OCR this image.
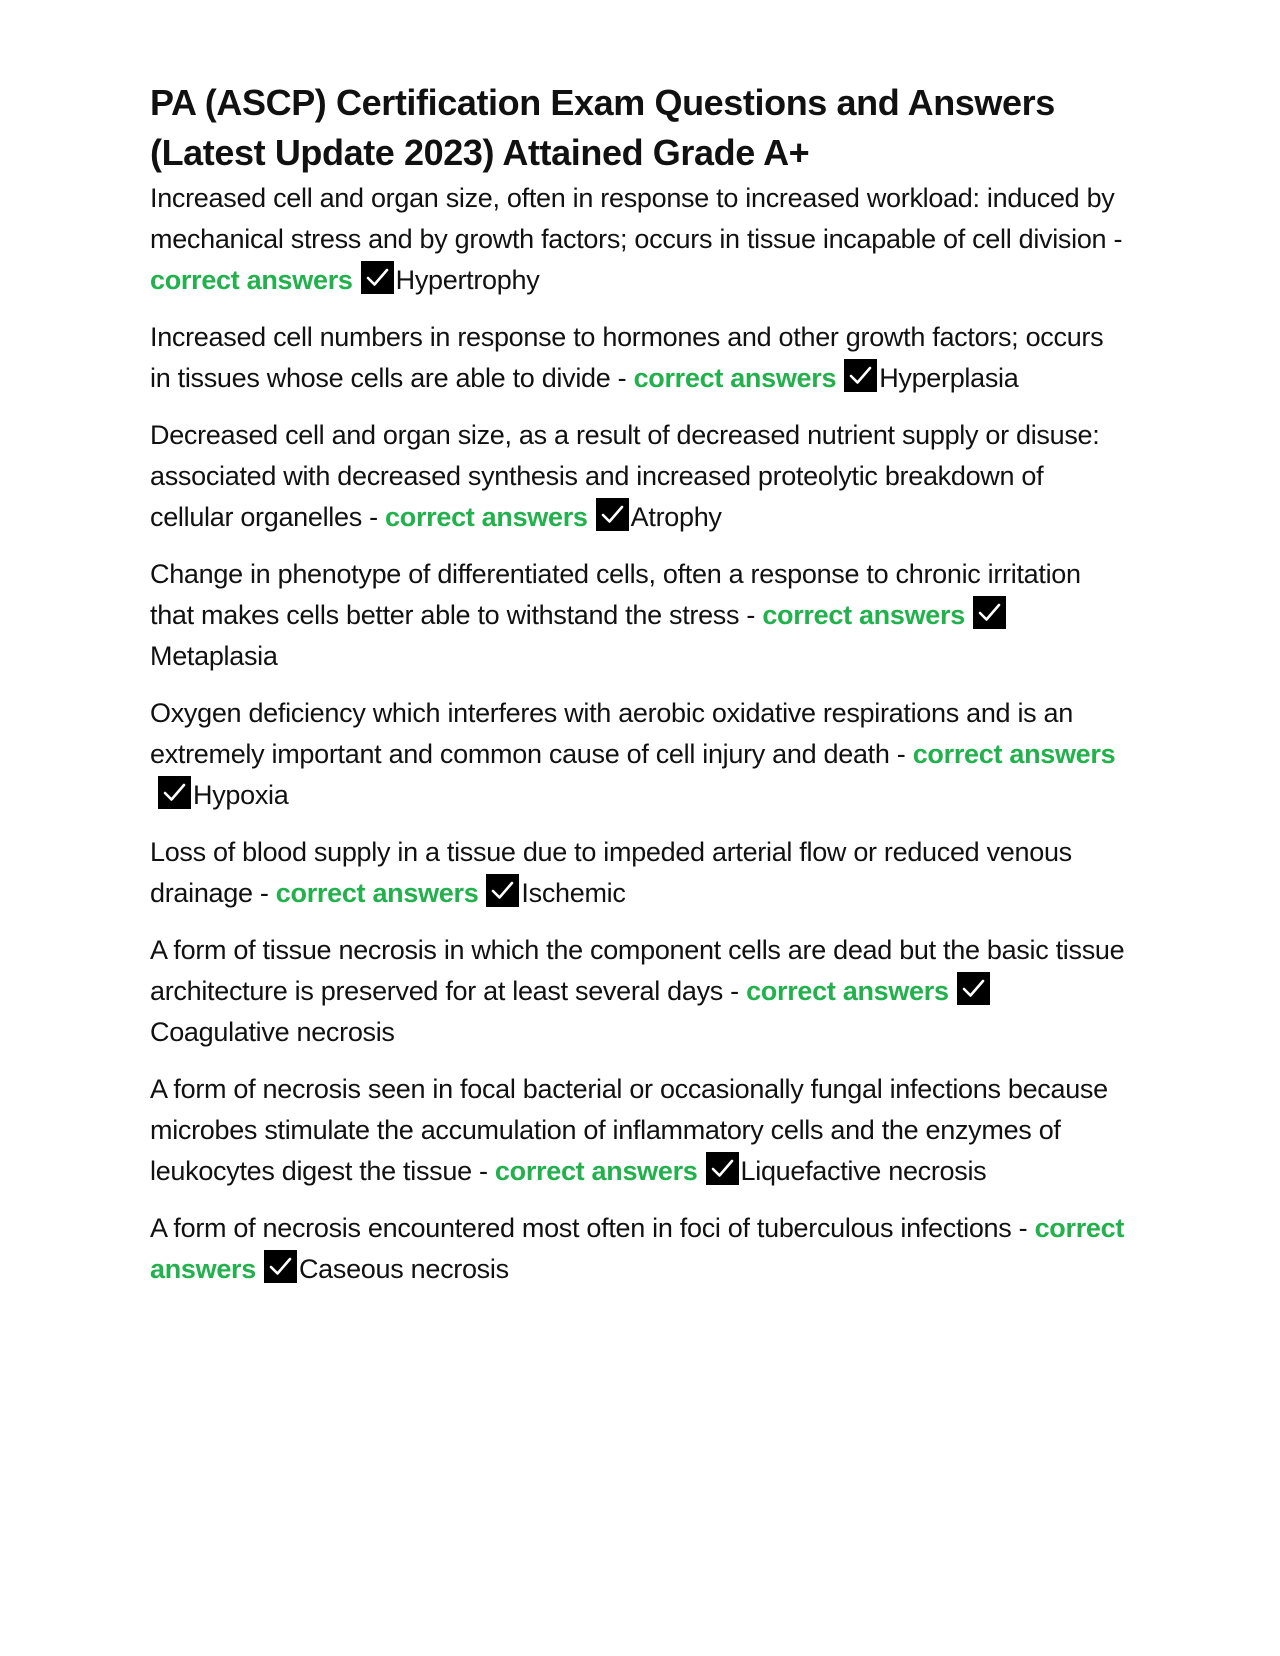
PA (ASCP) Certification Exam Questions and Answers
(Latest Update 2023) Attained Grade A+

Increased cell and organ size, often in response to increased workload: induced by mechanical stress and by growth factors; occurs in tissue incapable of cell division - correct answers Hypertrophy

Increased cell numbers in response to hormones and other growth factors; occurs in tissues whose cells are able to divide - correct answers Hyperplasia

Decreased cell and organ size, as a result of decreased nutrient supply or disuse: associated with decreased synthesis and increased proteolytic breakdown of cellular organelles - correct answers Atrophy

Change in phenotype of differentiated cells, often a response to chronic irritation that makes cells better able to withstand the stress - correct answers
Metaplasia

Oxygen deficiency which interferes with aerobic oxidative respirations and is an extremely important and common cause of cell injury and death - correct answers
Hypoxia

Loss of blood supply in a tissue due to impeded arterial flow or reduced venous drainage - correct answers Ischemic

A form of tissue necrosis in which the component cells are dead but the basic tissue architecture is preserved for at least several days - correct answers
Coagulative necrosis

A form of necrosis seen in focal bacterial or occasionally fungal infections because microbes stimulate the accumulation of inflammatory cells and the enzymes of leukocytes digest the tissue - correct answers Liquefactive necrosis

A form of necrosis encountered most often in foci of tuberculous infections - correct answers Caseous necrosis
